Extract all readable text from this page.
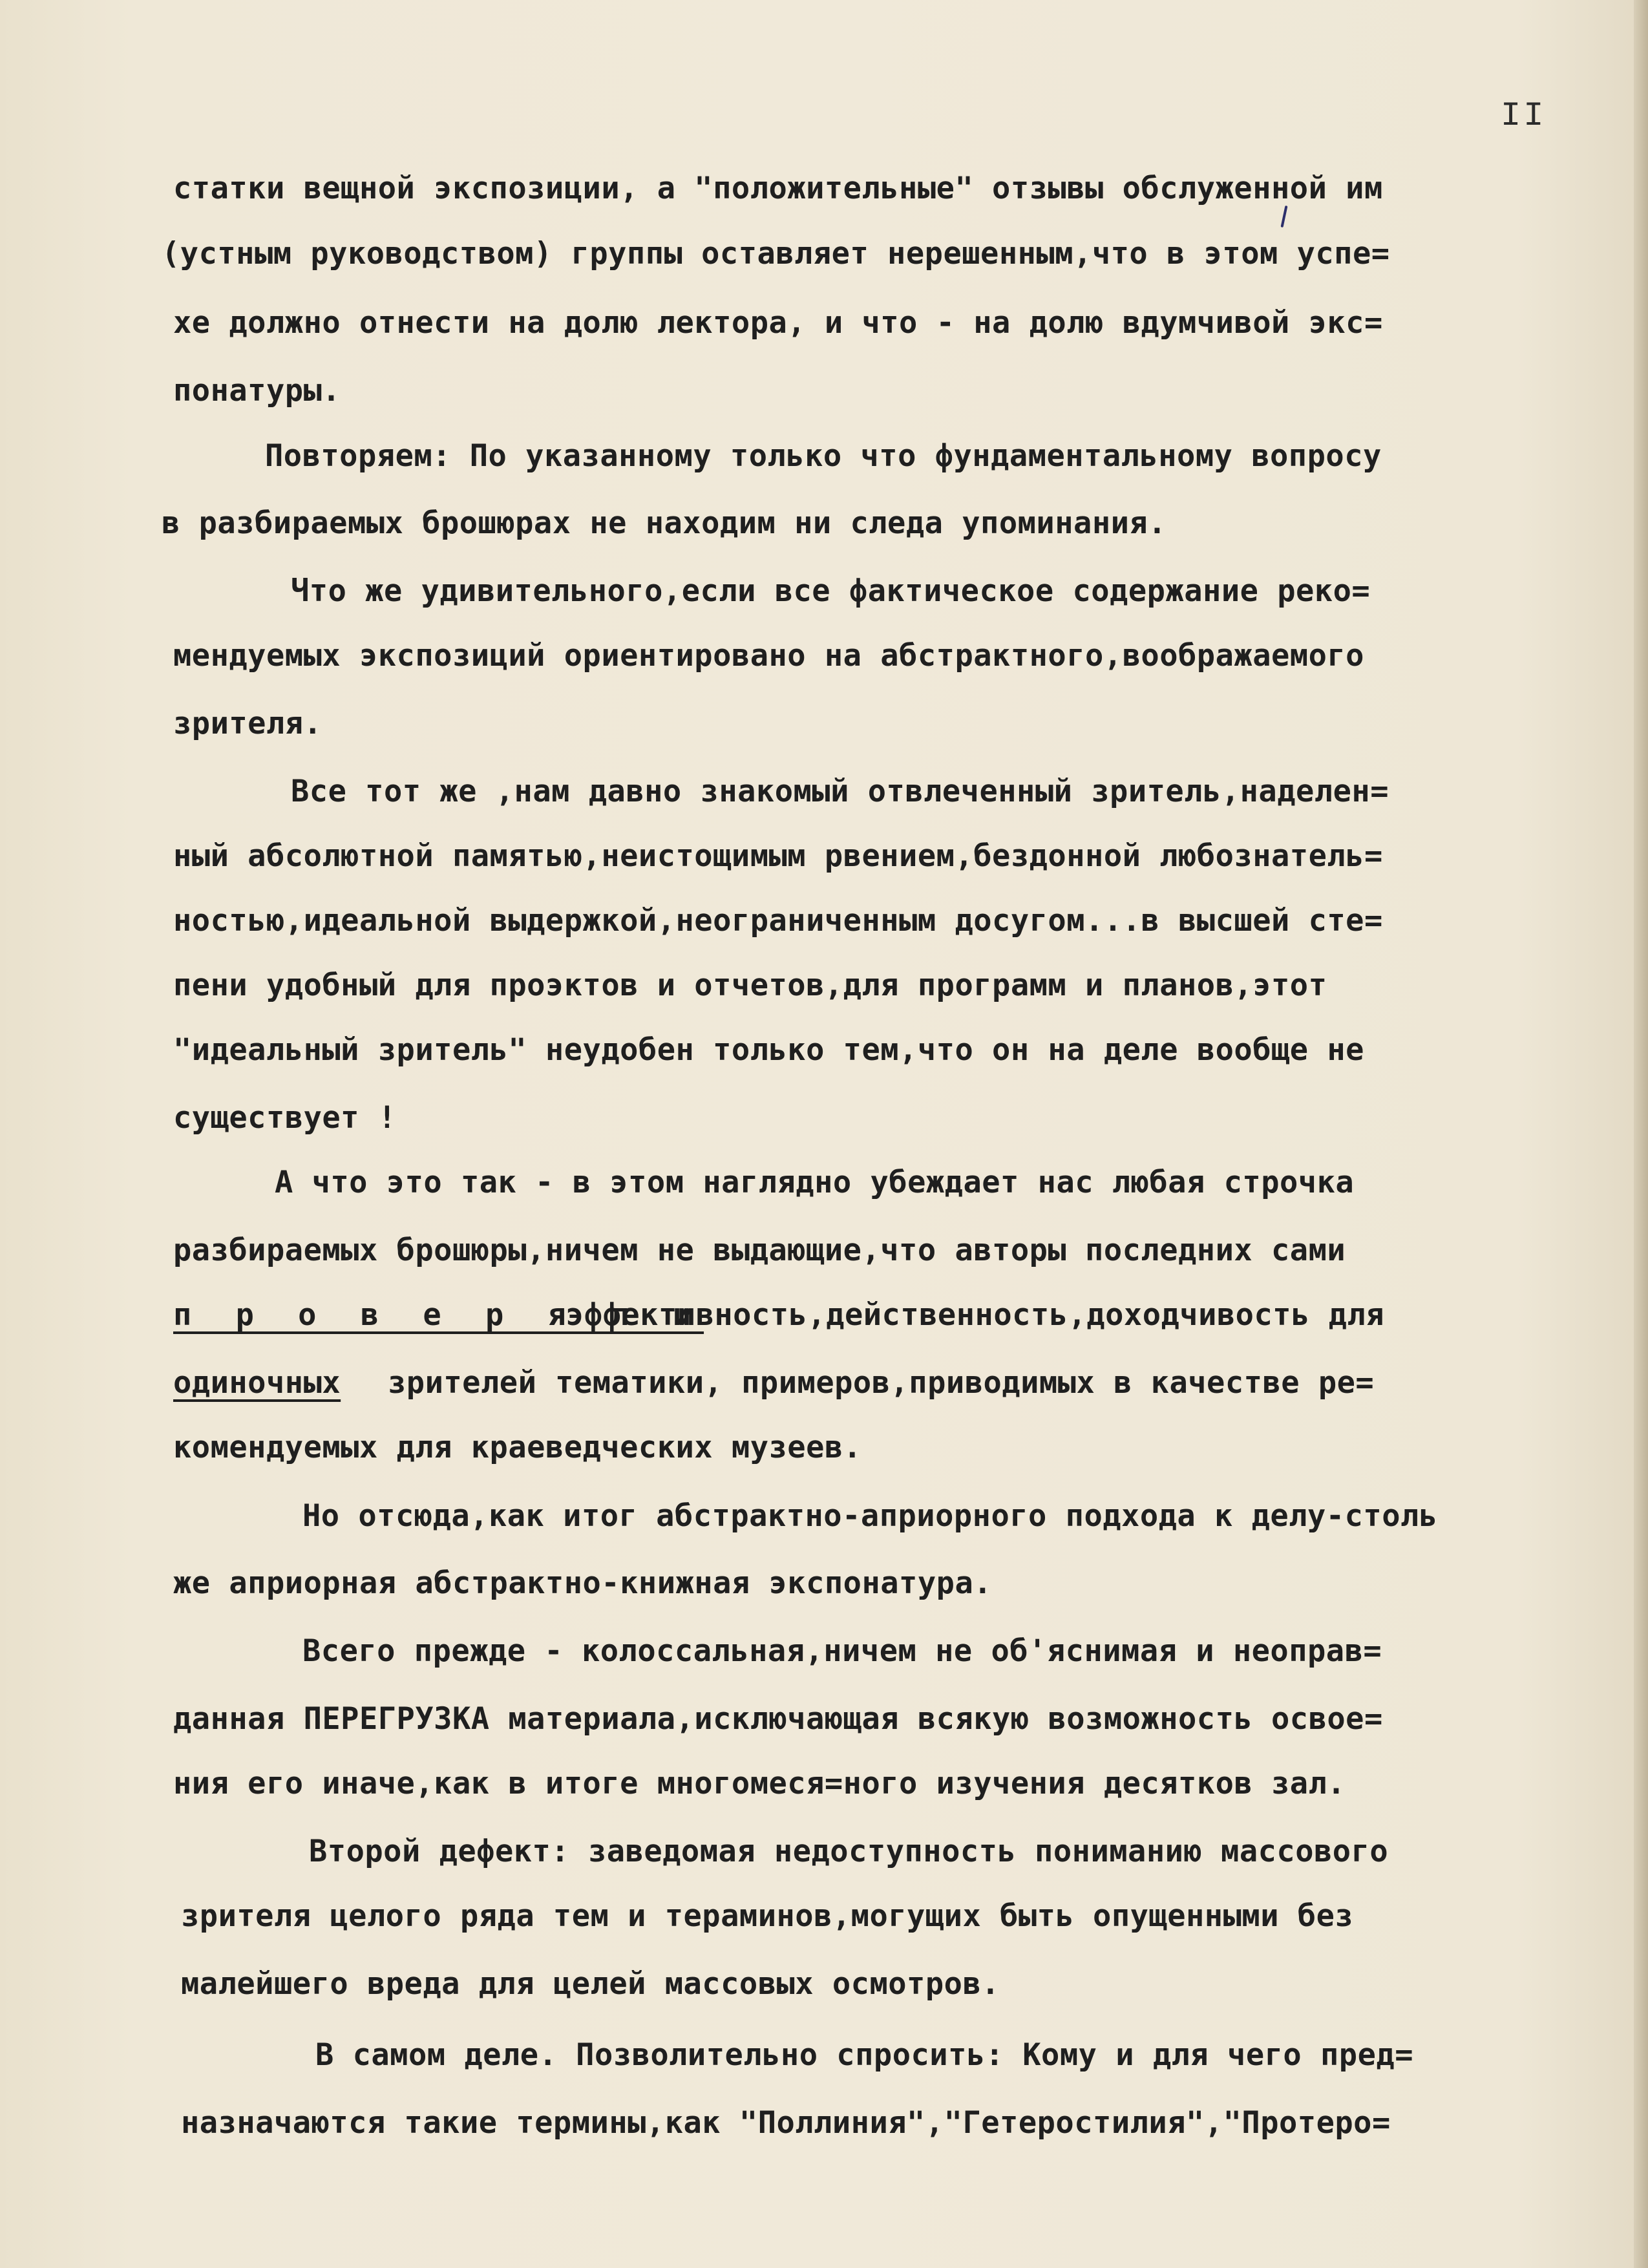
II
статки вещной экспозиции, а "положительные" отзывы обслуженной им
(устным руководством) группы оставляет нерешенным,что в этом успе=
хе должно отнести на долю лектора, и что - на долю вдумчивой экс=
понатуры.
Повторяем: По указанному только что фундаментальному вопросу
в разбираемых брошюрах не находим ни следа упоминания.
Что же удивительного,если все фактическое содержание реко=
мендуемых экспозиций ориентировано на абстрактного,воображаемого
зрителя.
Все тот же ,нам давно знакомый отвлеченный зритель,наделен=
ный абсолютной памятью,неистощимым рвением,бездонной любознатель=
ностью,идеальной выдержкой,неограниченным досугом...в высшей сте=
пени удобный для проэктов и отчетов,для программ и планов,этот
"идеальный зритель" неудобен только тем,что он на деле вообще не
существует !
А что это так - в этом наглядно убеждает нас любая строчка
разбираемых брошюры,ничем не выдающие,что авторы последних сами
п р о в е р я л и
эффективность,действенность,доходчивость для
одиночных зрителей тематики, примеров,приводимых в качестве ре=
комендуемых для краеведческих музеев.
Но отсюда,как итог абстрактно-априорного подхода к делу-столь
же априорная абстрактно-книжная экспонатура.
Всего прежде - колоссальная,ничем не об'яснимая и неоправ=
данная ПЕРЕГРУЗКА материала,исключающая всякую возможность освое=
ния его иначе,как в итоге многомеся=ного изучения десятков зал.
Второй дефект: заведомая недоступность пониманию массового
зрителя целого ряда тем и тераминов,могущих быть опущенными без
малейшего вреда для целей массовых осмотров.
В самом деле. Позволительно спросить: Кому и для чего пред=
назначаются такие термины,как "Поллиния","Гетеростилия","Протеро=
